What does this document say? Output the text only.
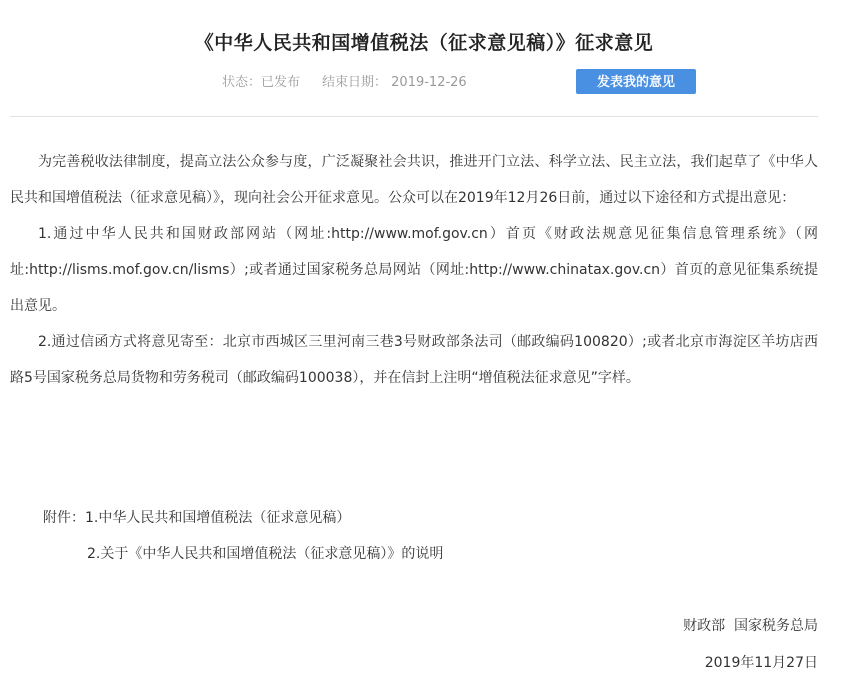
《中华人民共和国增值税法（征求意见稿）》征求意见
状态：已发布 结束日期： 2019-12-26	发表我的意见

为完善税收法律制度，提高立法公众参与度，广泛凝聚社会共识，推进开门立法、科学立法、民主立法，我们起草了《中华人民共和国增值税法（征求意见稿）》，现向社会公开征求意见。公众可以在2019年12月26日前，通过以下途径和方式提出意见：

1.通过中华人民共和国财政部网站（网址:http://www.mof.gov.cn）首页《财政法规意见征集信息管理系统》（网址:http://lisms.mof.gov.cn/lisms）;或者通过国家税务总局网站（网址:http://www.chinatax.gov.cn）首页的意见征集系统提出意见。

2.通过信函方式将意见寄至：北京市西城区三里河南三巷3号财政部条法司（邮政编码100820）;或者北京市海淀区羊坊店西路5号国家税务总局货物和劳务税司（邮政编码100038），并在信封上注明“增值税法征求意见”字样。

附件：1.中华人民共和国增值税法（征求意见稿）
2.关于《中华人民共和国增值税法（征求意见稿）》的说明
财政部  国家税务总局
2019年11月27日
